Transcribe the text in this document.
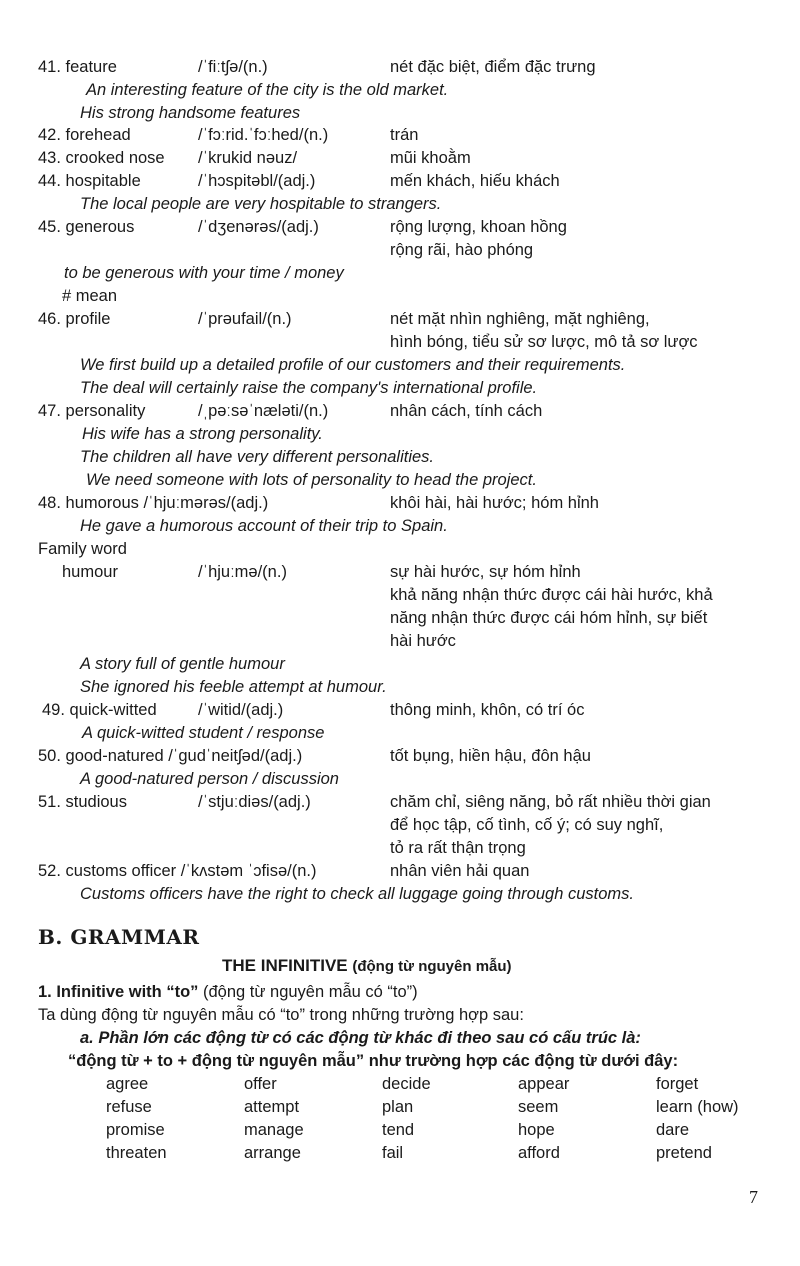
41. feature	/ˈfiːtʃə/(n.)	nét đặc biệt, điểm đặc trưng
An interesting feature of the city is the old market.
His strong handsome features
42. forehead	/ˈfɔːrid.ˈfɔːhed/(n.)	trán
43. crooked nose /ˈkrukid nəuz/	mũi khoằm
44. hospitable	/ˈhɔspitəbl/(adj.)	mến khách, hiếu khách
The local people are very hospitable to strangers.
45. generous	/ˈdʒenərəs/(adj.)	rộng lượng, khoan hồng
rộng rãi, hào phóng
to be generous with your time / money
# mean
46. profile	/ˈprəufail/(n.)	nét mặt nhìn nghiêng, mặt nghiêng,
hình bóng, tiểu sử sơ lược, mô tả sơ lược
We first build up a detailed profile of our customers and their requirements.
The deal will certainly raise the company's international profile.
47. personality	/ˌpəːsəˈnæləti/(n.)	nhân cách, tính cách
His wife has a strong personality.
The children all have very different personalities.
We need someone with lots of personality to head the project.
48. humorous /ˈhjuːmərəs/(adj.)	khôi hài, hài hước; hóm hỉnh
He gave a humorous account of their trip to Spain.
Family word
humour	/ˈhjuːmə/(n.)	sự hài hước, sự hóm hỉnh
khả năng nhận thức được cái hài hước, khả
năng nhận thức được cái hóm hỉnh, sự biết
hài hước
A story full of gentle humour
She ignored his feeble attempt at humour.
49. quick-witted	/ˈwitid/(adj.)	thông minh, khôn, có trí óc
A quick-witted student / response
50. good-natured /ˈgudˈneitʃəd/(adj.)	tốt bụng, hiền hậu, đôn hậu
A good-natured person / discussion
51. studious	/ˈstjuːdiəs/(adj.)	chăm chỉ, siêng năng, bỏ rất nhiều thời gian
để học tập, cố tình, cố ý; có suy nghĩ,
tỏ ra rất thận trọng
52. customs officer /ˈkʌstəm ˈɔfisə/(n.)	nhân viên hải quan
Customs officers have the right to check all luggage going through customs.
B. GRAMMAR
THE INFINITIVE (động từ nguyên mẫu)
1. Infinitive with “to” (động từ nguyên mẫu có “to”)
Ta dùng động từ nguyên mẫu có “to” trong những trường hợp sau:
a. Phần lớn các động từ có các động từ khác đi theo sau có cấu trúc là:
“động từ + to + động từ nguyên mẫu” như trường hợp các động từ dưới đây:
agree	offer	decide	appear	forget
refuse	attempt	plan	seem	learn (how)
promise	manage	tend	hope	dare
threaten	arrange	fail	afford	pretend
7
